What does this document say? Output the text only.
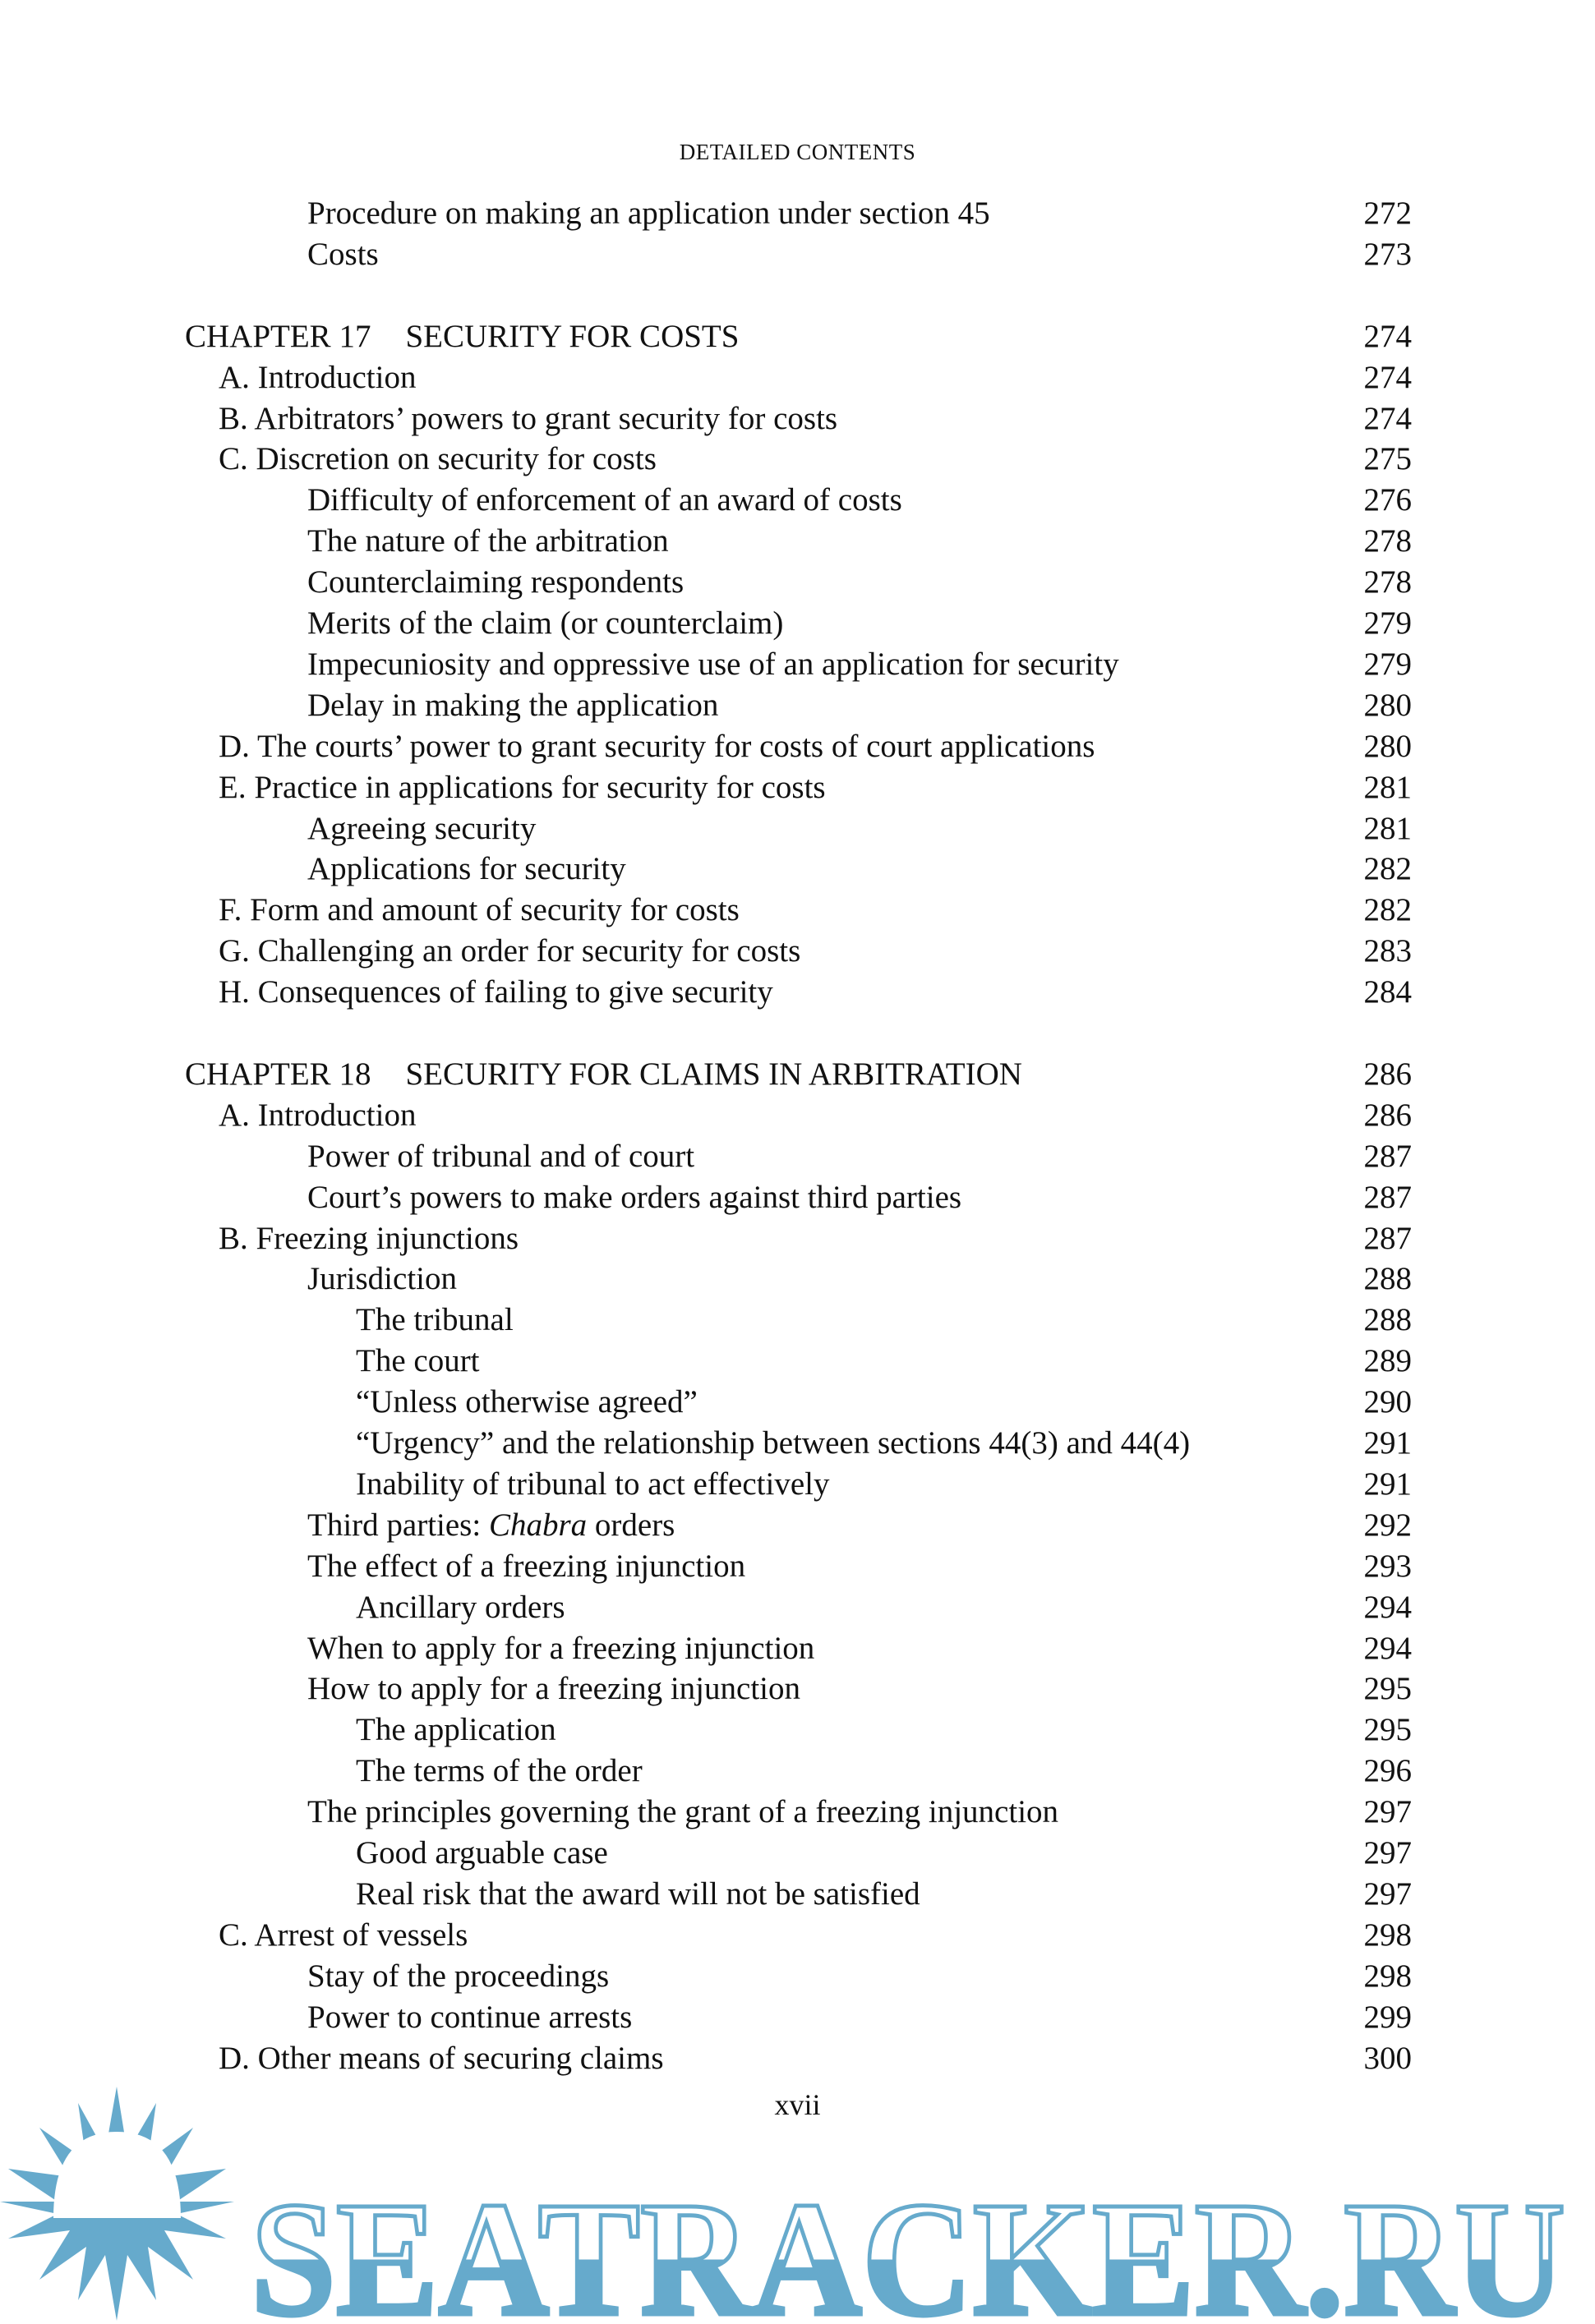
DETAILED CONTENTS
Procedure on making an application under section 45	272
Costs	273
CHAPTER 17 SECURITY FOR COSTS	274
A. Introduction	274
B. Arbitrators’ powers to grant security for costs	274
C. Discretion on security for costs	275
Difficulty of enforcement of an award of costs	276
The nature of the arbitration	278
Counterclaiming respondents	278
Merits of the claim (or counterclaim)	279
Impecuniosity and oppressive use of an application for security	279
Delay in making the application	280
D. The courts’ power to grant security for costs of court applications	280
E. Practice in applications for security for costs	281
Agreeing security	281
Applications for security	282
F. Form and amount of security for costs	282
G. Challenging an order for security for costs	283
H. Consequences of failing to give security	284
CHAPTER 18 SECURITY FOR CLAIMS IN ARBITRATION	286
A. Introduction	286
Power of tribunal and of court	287
Court’s powers to make orders against third parties	287
B. Freezing injunctions	287
Jurisdiction	288
The tribunal	288
The court	289
“Unless otherwise agreed”	290
“Urgency” and the relationship between sections 44(3) and 44(4)	291
Inability of tribunal to act effectively	291
Third parties: Chabra orders	292
The effect of a freezing injunction	293
Ancillary orders	294
When to apply for a freezing injunction	294
How to apply for a freezing injunction	295
The application	295
The terms of the order	296
The principles governing the grant of a freezing injunction	297
Good arguable case	297
Real risk that the award will not be satisfied	297
C. Arrest of vessels	298
Stay of the proceedings	298
Power to continue arrests	299
D. Other means of securing claims	300
SEATRACKER.RU
xvii
